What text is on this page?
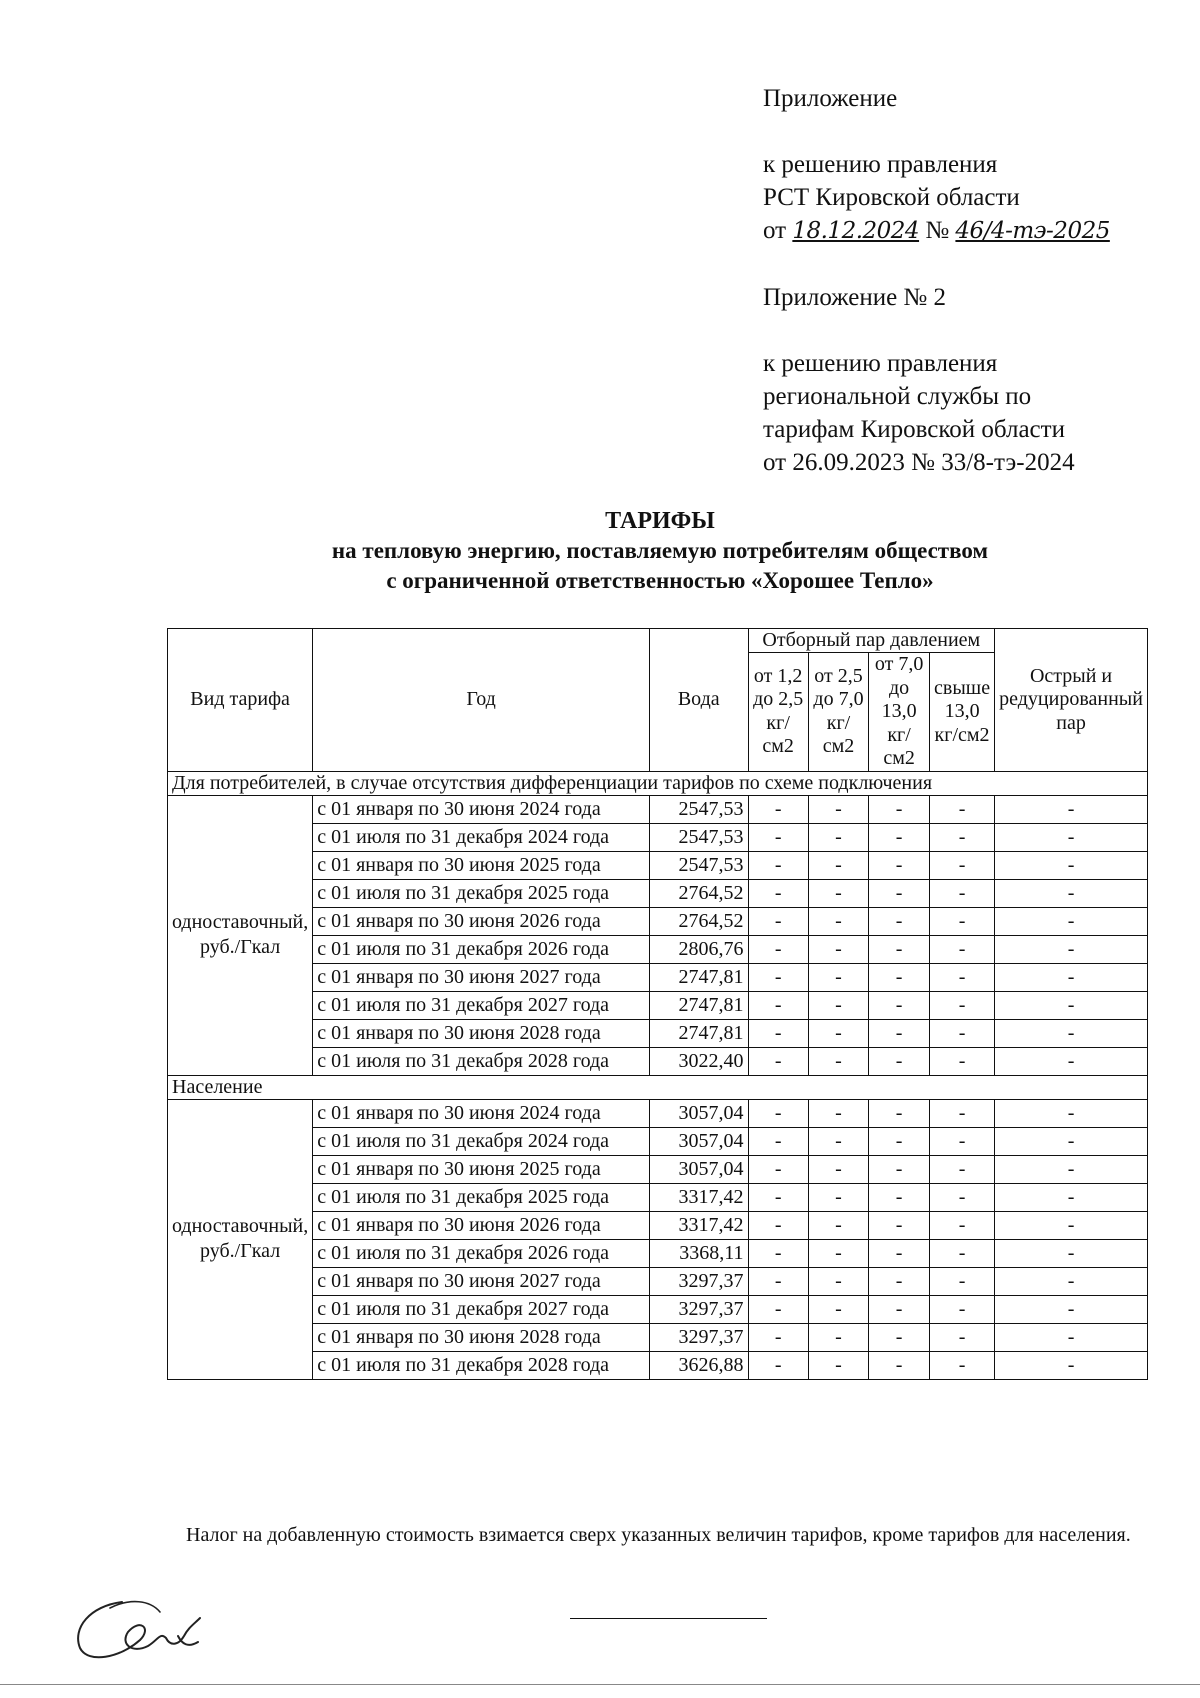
Приложение
к решению правления
РСТ Кировской области
от 18.12.2024 № 46/4-тэ-2025
Приложение № 2
к решению правления
региональной службы по
тарифам Кировской области
от 26.09.2023 № 33/8-тэ-2024
ТАРИФЫ
на тепловую энергию, поставляемую потребителям обществом
с ограниченной ответственностью «Хорошее Тепло»
Вид тарифа	Год	Вода	Отборный пар давлением				Острый и редуцированный пар
			от 1,2 до 2,5 кг/см2	от 2,5 до 7,0 кг/см2	от 7,0 до 13,0 кг/см2	свыше 13,0 кг/см2	
Для потребителей, в случае отсутствия дифференциации тарифов по схеме подключения							
одноставочный, руб./Гкал	с 01 января по 30 июня 2024 года	2547,53	-	-	-	-	-
	с 01 июля по 31 декабря 2024 года	2547,53	-	-	-	-	-
	с 01 января по 30 июня 2025 года	2547,53	-	-	-	-	-
	с 01 июля по 31 декабря 2025 года	2764,52	-	-	-	-	-
	с 01 января по 30 июня 2026 года	2764,52	-	-	-	-	-
	с 01 июля по 31 декабря 2026 года	2806,76	-	-	-	-	-
	с 01 января по 30 июня 2027 года	2747,81	-	-	-	-	-
	с 01 июля по 31 декабря 2027 года	2747,81	-	-	-	-	-
	с 01 января по 30 июня 2028 года	2747,81	-	-	-	-	-
	с 01 июля по 31 декабря 2028 года	3022,40	-	-	-	-	-
Население							
одноставочный, руб./Гкал	с 01 января по 30 июня 2024 года	3057,04	-	-	-	-	-
	с 01 июля по 31 декабря 2024 года	3057,04	-	-	-	-	-
	с 01 января по 30 июня 2025 года	3057,04	-	-	-	-	-
	с 01 июля по 31 декабря 2025 года	3317,42	-	-	-	-	-
	с 01 января по 30 июня 2026 года	3317,42	-	-	-	-	-
	с 01 июля по 31 декабря 2026 года	3368,11	-	-	-	-	-
	с 01 января по 30 июня 2027 года	3297,37	-	-	-	-	-
	с 01 июля по 31 декабря 2027 года	3297,37	-	-	-	-	-
	с 01 января по 30 июня 2028 года	3297,37	-	-	-	-	-
	с 01 июля по 31 декабря 2028 года	3626,88	-	-	-	-	-
Налог на добавленную стоимость взимается сверх указанных величин тарифов, кроме тарифов для населения.
